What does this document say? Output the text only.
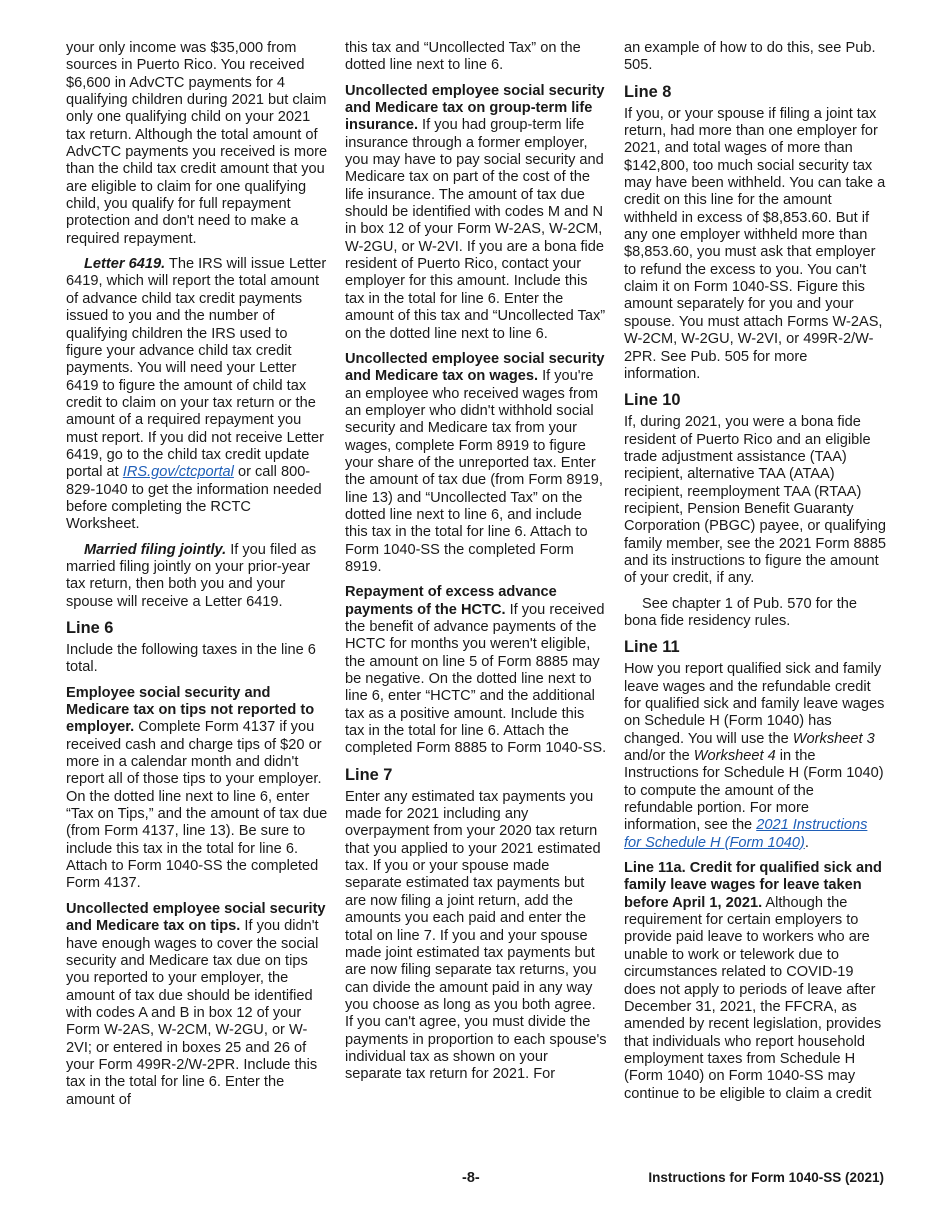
your only income was $35,000 from sources in Puerto Rico. You received $6,600 in AdvCTC payments for 4 qualifying children during 2021 but claim only one qualifying child on your 2021 tax return. Although the total amount of AdvCTC payments you received is more than the child tax credit amount that you are eligible to claim for one qualifying child, you qualify for full repayment protection and don't need to make a required repayment.

Letter 6419. The IRS will issue Letter 6419, which will report the total amount of advance child tax credit payments issued to you and the number of qualifying children the IRS used to figure your advance child tax credit payments. You will need your Letter 6419 to figure the amount of child tax credit to claim on your tax return or the amount of a required repayment you must report. If you did not receive Letter 6419, go to the child tax credit update portal at IRS.gov/ctcportal or call 800-829-1040 to get the information needed before completing the RCTC Worksheet.

Married filing jointly. If you filed as married filing jointly on your prior-year tax return, then both you and your spouse will receive a Letter 6419.

Line 6

Include the following taxes in the line 6 total.

Employee social security and Medicare tax on tips not reported to employer. Complete Form 4137 if you received cash and charge tips of $20 or more in a calendar month and didn't report all of those tips to your employer. On the dotted line next to line 6, enter “Tax on Tips,” and the amount of tax due (from Form 4137, line 13). Be sure to include this tax in the total for line 6. Attach to Form 1040-SS the completed Form 4137.

Uncollected employee social security and Medicare tax on tips. If you didn't have enough wages to cover the social security and Medicare tax due on tips you reported to your employer, the amount of tax due should be identified with codes A and B in box 12 of your Form W-2AS, W-2CM, W-2GU, or W-2VI; or entered in boxes 25 and 26 of your Form 499R-2/W-2PR. Include this tax in the total for line 6. Enter the amount of

this tax and “Uncollected Tax” on the dotted line next to line 6.

Uncollected employee social security and Medicare tax on group-term life insurance. If you had group-term life insurance through a former employer, you may have to pay social security and Medicare tax on part of the cost of the life insurance. The amount of tax due should be identified with codes M and N in box 12 of your Form W-2AS, W-2CM, W-2GU, or W-2VI. If you are a bona fide resident of Puerto Rico, contact your employer for this amount. Include this tax in the total for line 6. Enter the amount of this tax and “Uncollected Tax” on the dotted line next to line 6.

Uncollected employee social security and Medicare tax on wages. If you're an employee who received wages from an employer who didn't withhold social security and Medicare tax from your wages, complete Form 8919 to figure your share of the unreported tax. Enter the amount of tax due (from Form 8919, line 13) and “Uncollected Tax” on the dotted line next to line 6, and include this tax in the total for line 6. Attach to Form 1040-SS the completed Form 8919.

Repayment of excess advance payments of the HCTC. If you received the benefit of advance payments of the HCTC for months you weren't eligible, the amount on line 5 of Form 8885 may be negative. On the dotted line next to line 6, enter “HCTC” and the additional tax as a positive amount. Include this tax in the total for line 6. Attach the completed Form 8885 to Form 1040-SS.

Line 7

Enter any estimated tax payments you made for 2021 including any overpayment from your 2020 tax return that you applied to your 2021 estimated tax. If you or your spouse made separate estimated tax payments but are now filing a joint return, add the amounts you each paid and enter the total on line 7. If you and your spouse made joint estimated tax payments but are now filing separate tax returns, you can divide the amount paid in any way you choose as long as you both agree. If you can't agree, you must divide the payments in proportion to each spouse's individual tax as shown on your separate tax return for 2021. For

an example of how to do this, see Pub. 505.

Line 8

If you, or your spouse if filing a joint tax return, had more than one employer for 2021, and total wages of more than $142,800, too much social security tax may have been withheld. You can take a credit on this line for the amount withheld in excess of $8,853.60. But if any one employer withheld more than $8,853.60, you must ask that employer to refund the excess to you. You can't claim it on Form 1040-SS. Figure this amount separately for you and your spouse. You must attach Forms W-2AS, W-2CM, W-2GU, W-2VI, or 499R-2/W-2PR. See Pub. 505 for more information.

Line 10

If, during 2021, you were a bona fide resident of Puerto Rico and an eligible trade adjustment assistance (TAA) recipient, alternative TAA (ATAA) recipient, reemployment TAA (RTAA) recipient, Pension Benefit Guaranty Corporation (PBGC) payee, or qualifying family member, see the 2021 Form 8885 and its instructions to figure the amount of your credit, if any.

See chapter 1 of Pub. 570 for the bona fide residency rules.

Line 11

How you report qualified sick and family leave wages and the refundable credit for qualified sick and family leave wages on Schedule H (Form 1040) has changed. You will use the Worksheet 3 and/or the Worksheet 4 in the Instructions for Schedule H (Form 1040) to compute the amount of the refundable portion. For more information, see the 2021 Instructions for Schedule H (Form 1040).

Line 11a. Credit for qualified sick and family leave wages for leave taken before April 1, 2021. Although the requirement for certain employers to provide paid leave to workers who are unable to work or telework due to circumstances related to COVID-19 does not apply to periods of leave after December 31, 2021, the FFCRA, as amended by recent legislation, provides that individuals who report household employment taxes from Schedule H (Form 1040) on Form 1040-SS may continue to be eligible to claim a credit

-8-	Instructions for Form 1040-SS (2021)
